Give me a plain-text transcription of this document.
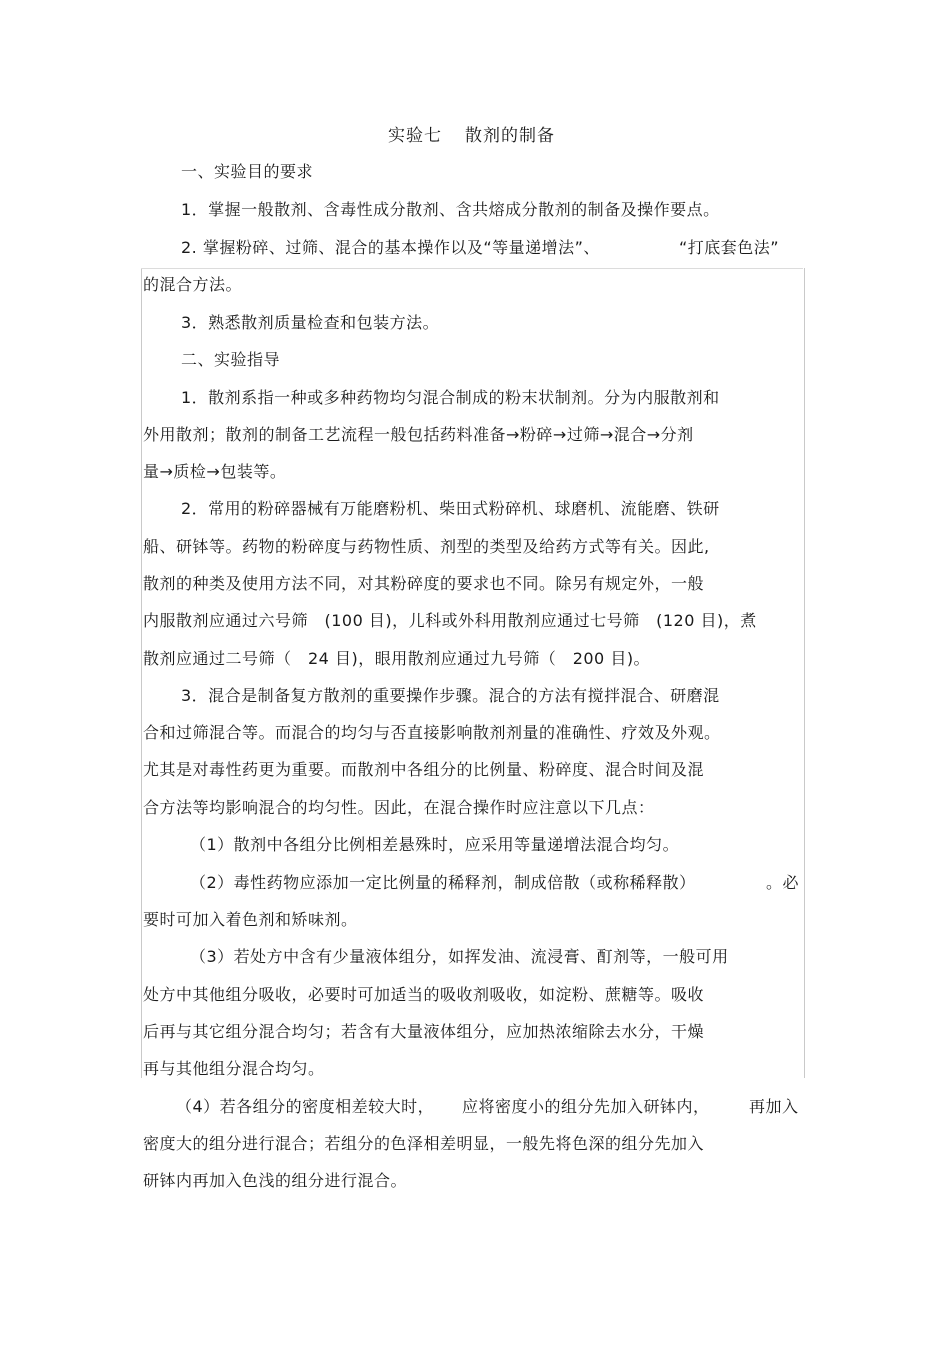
实验七 散剂的制备
一、实验目的要求
1．掌握一般散剂、含毒性成分散剂、含共熔成分散剂的制备及操作要点。
2. 掌握粉碎、过筛、混合的基本操作以及“等量递增法”、	“打底套色法”
的混合方法。
3．熟悉散剂质量检查和包装方法。
二、实验指导
1．散剂系指一种或多种药物均匀混合制成的粉末状制剂。分为内服散剂和
外用散剂；散剂的制备工艺流程一般包括药料准备→粉碎→过筛→混合→分剂
量→质检→包装等。
2．常用的粉碎器械有万能磨粉机、柴田式粉碎机、球磨机、流能磨、铁研
船、研钵等。药物的粉碎度与药物性质、剂型的类型及给药方式等有关。因此,
散剂的种类及使用方法不同，对其粉碎度的要求也不同。除另有规定外，一般
内服散剂应通过六号筛　(100 目)，儿科或外科用散剂应通过七号筛　(120 目)，煮
散剂应通过二号筛（　24 目)，眼用散剂应通过九号筛（　200 目)。
3．混合是制备复方散剂的重要操作步骤。混合的方法有搅拌混合、研磨混
合和过筛混合等。而混合的均匀与否直接影响散剂剂量的准确性、疗效及外观。
尤其是对毒性药更为重要。而散剂中各组分的比例量、粉碎度、混合时间及混
合方法等均影响混合的均匀性。因此，在混合操作时应注意以下几点：
（1）散剂中各组分比例相差悬殊时，应采用等量递增法混合均匀。
（2）毒性药物应添加一定比例量的稀释剂，制成倍散（或称稀释散）	。必
要时可加入着色剂和矫味剂。
（3）若处方中含有少量液体组分，如挥发油、流浸膏、酊剂等，一般可用
处方中其他组分吸收，必要时可加适当的吸收剂吸收，如淀粉、蔗糖等。吸收
后再与其它组分混合均匀；若含有大量液体组分，应加热浓缩除去水分，干燥
再与其他组分混合均匀。
（4）若各组分的密度相差较大时， 应将密度小的组分先加入研钵内， 再加入
密度大的组分进行混合；若组分的色泽相差明显，一般先将色深的组分先加入
研钵内再加入色浅的组分进行混合。
